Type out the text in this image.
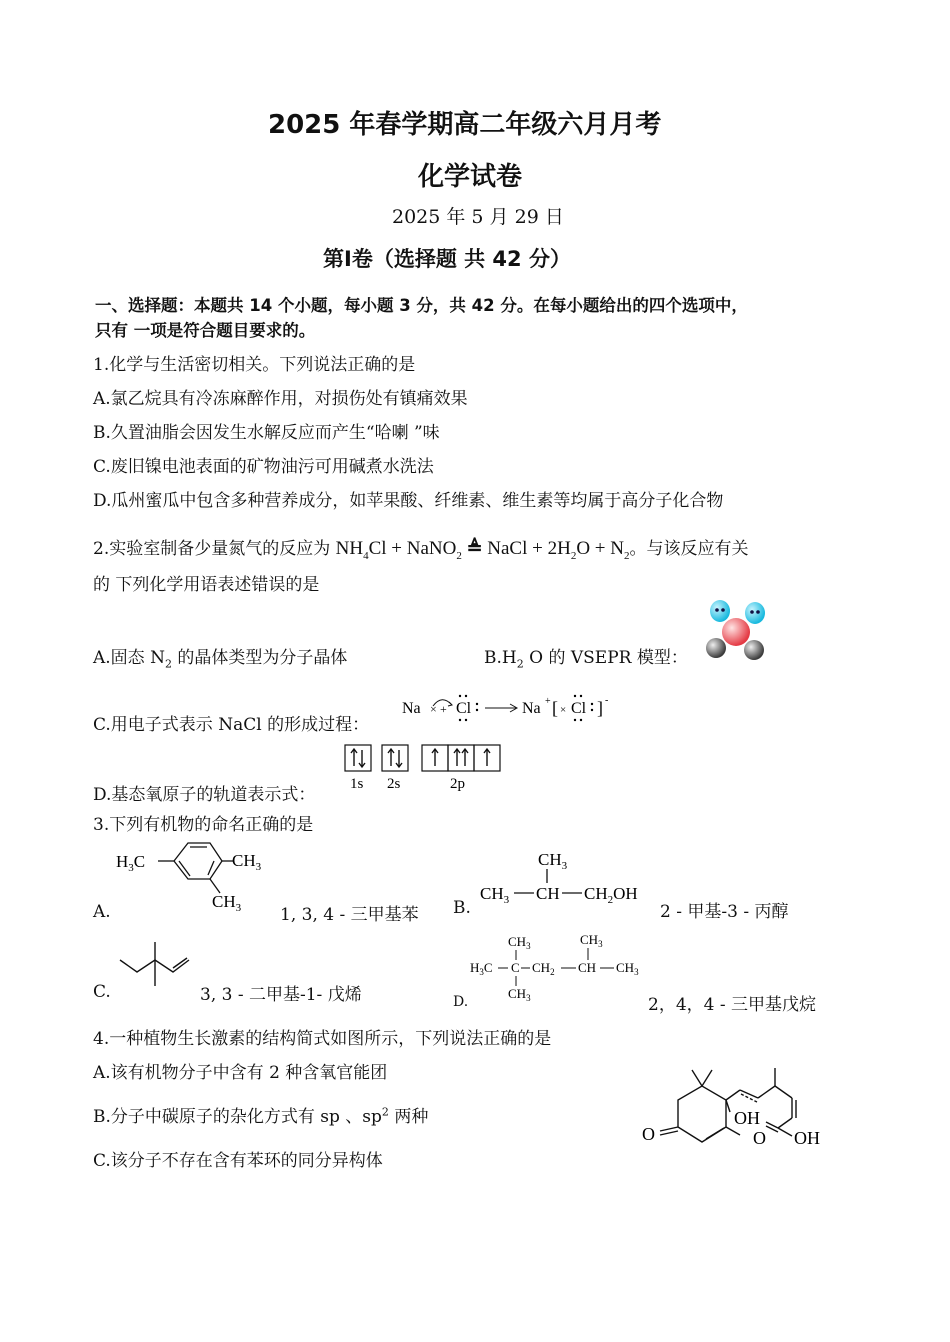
2025 年春学期高二年级六月月考
化学试卷
2025 年 5 月 29 日
第Ⅰ卷（选择题 共 42 分）
一、选择题：本题共 14 个小题，每小题 3 分，共 42 分。在每小题给出的四个选项中，
只有 一项是符合题目要求的。
1.化学与生活密切相关。下列说法正确的是
A.氯乙烷具有冷冻麻醉作用，对损伤处有镇痛效果
B.久置油脂会因发生水解反应而产生“哈喇 ”味
C.废旧镍电池表面的矿物油污可用碱煮水洗法
D.瓜州蜜瓜中包含多种营养成分，如苹果酸、纤维素、维生素等均属于高分子化合物
2.实验室制备少量氮气的反应为 $NH_4Cl$ + NaNO$_2$ ≜ NaCl + $2H_2O + N_2$。与该反应有关
的 下列化学用语表述错误的是
A.固态 $N_2$ 的晶体类型为分子晶体	$B.H_2$ O 的 VSEPR 模型：
C.用电子式表示 NaCl 的形成过程：
Na × + Cl	Na + [ × Cl ] -
1s 2s	2p
D.基态氧原子的轨道表示式：
3.下列有机物的命名正确的是
$H_3C$	$CH_3$
$CH_3$
A.	1, 3, 4 - 三甲基苯
$CH_3$
$CH_3$ CH $CH_2OH$
B.	2 - 甲基-3 - 丙醇
C.	3, 3 - 二甲基-1- 戊烯
$CH_3$	$CH_3$
$H_3C$ C $CH_2$ CH $CH_3$
$CH_3$
D.	2，4，4 - 三甲基戊烷
4.一种植物生长激素的结构简式如图所示，下列说法正确的是
A.该有机物分子中含有 2 种含氧官能团
B.分子中碳原子的杂化方式有 sp 、$sp^2$ 两种
C.该分子不存在含有苯环的同分异构体
O
OH
O OH
